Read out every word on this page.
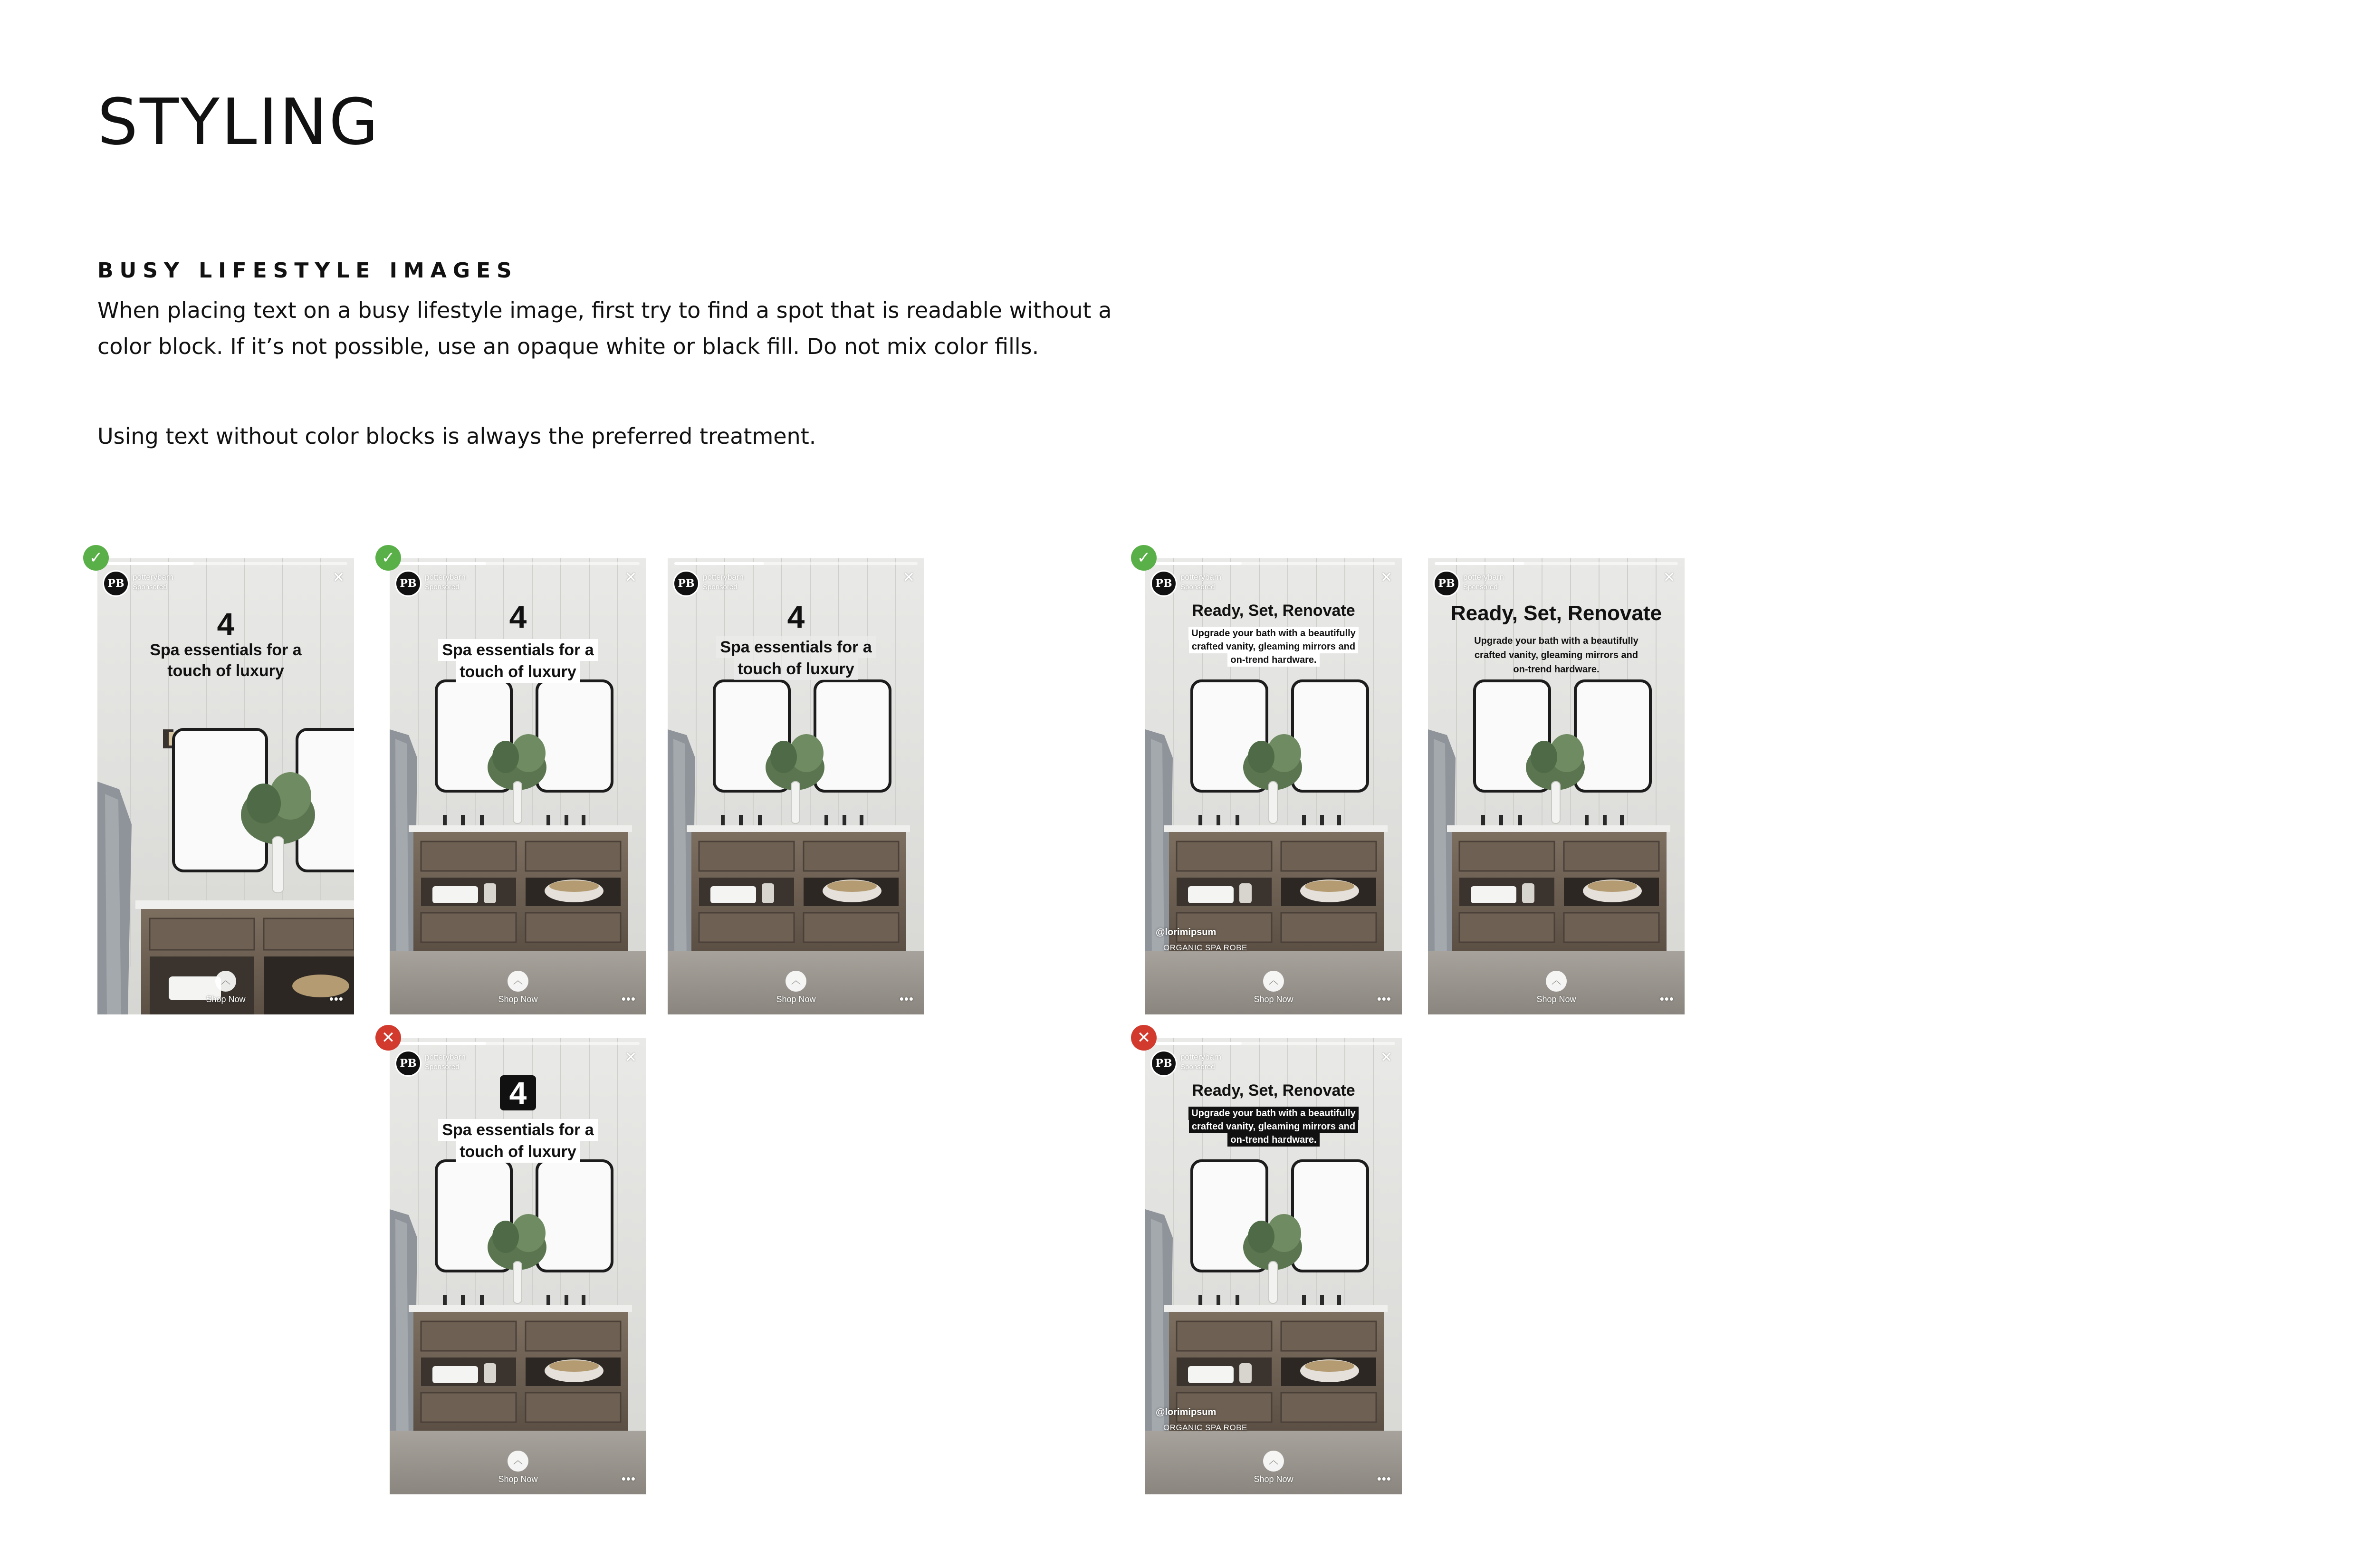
STYLING
BUSY LIFESTYLE IMAGES

When placing text on a busy lifestyle image, first try to find a spot that is readable without a color block. If it’s not possible, use an opaque white or black fill. Do not mix color fills.

Using text without color blocks is always the preferred treatment.

PB
potterybarn
Sponsored
✕
4
Spa essentials for a
touch of luxury
︿
Shop Now	•••
✓
PB
potterybarn
Sponsored
✕
4
Spa essentials for a
touch of luxury
︿
Shop Now	•••
✓
PB
potterybarn
Sponsored
✕
4
Spa essentials for a
touch of luxury
︿
Shop Now	•••
PB
potterybarn
Sponsored
✕
4
Spa essentials for a
touch of luxury
︿
Shop Now	•••
✕
PB
potterybarn
Sponsored
✕
Ready, Set, Renovate
Upgrade your bath with a beautifully
crafted vanity, gleaming mirrors and
on-trend hardware.
@lorimipsum
ORGANIC SPA ROBE
︿
Shop Now	•••
✓
PB
potterybarn
Sponsored
✕
Ready, Set, Renovate
Upgrade your bath with a beautifully
crafted vanity, gleaming mirrors and
on-trend hardware.
︿
Shop Now	•••
PB
potterybarn
Sponsored
✕
Ready, Set, Renovate
Upgrade your bath with a beautifully
crafted vanity, gleaming mirrors and
on-trend hardware.
@lorimipsum
ORGANIC SPA ROBE
︿
Shop Now	•••
✕
